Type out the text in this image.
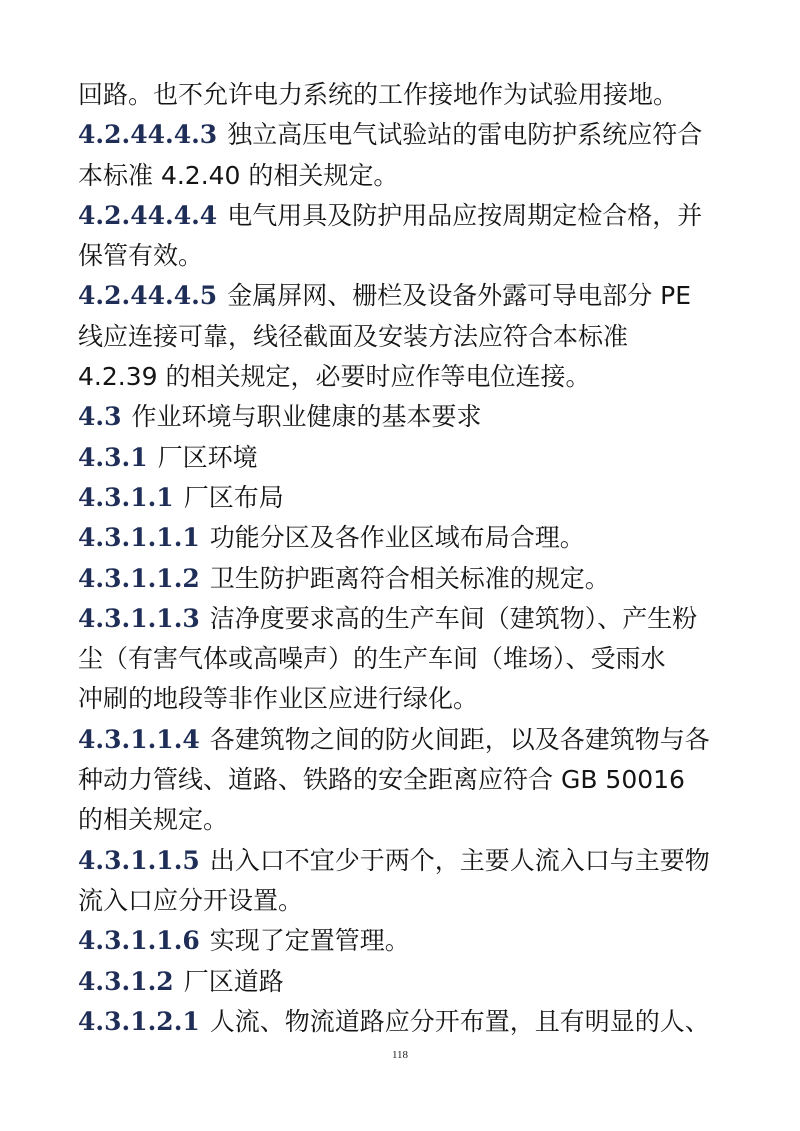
回路。也不允许电力系统的工作接地作为试验用接地。
4.2.44.4.3 独立高压电气试验站的雷电防护系统应符合
本标准 4.2.40 的相关规定。
4.2.44.4.4 电气用具及防护用品应按周期定检合格，并
保管有效。
4.2.44.4.5 金属屏网、栅栏及设备外露可导电部分 PE
线应连接可靠，线径截面及安装方法应符合本标准
4.2.39 的相关规定，必要时应作等电位连接。
4.3 作业环境与职业健康的基本要求
4.3.1 厂区环境
4.3.1.1 厂区布局
4.3.1.1.1 功能分区及各作业区域布局合理。
4.3.1.1.2 卫生防护距离符合相关标准的规定。
4.3.1.1.3 洁净度要求高的生产车间（建筑物）、产生粉
尘（有害气体或高噪声）的生产车间（堆场）、受雨水
冲刷的地段等非作业区应进行绿化。
4.3.1.1.4 各建筑物之间的防火间距，以及各建筑物与各
种动力管线、道路、铁路的安全距离应符合 GB 50016
的相关规定。
4.3.1.1.5 出入口不宜少于两个，主要人流入口与主要物
流入口应分开设置。
4.3.1.1.6 实现了定置管理。
4.3.1.2 厂区道路
4.3.1.2.1 人流、物流道路应分开布置，且有明显的人、
118
